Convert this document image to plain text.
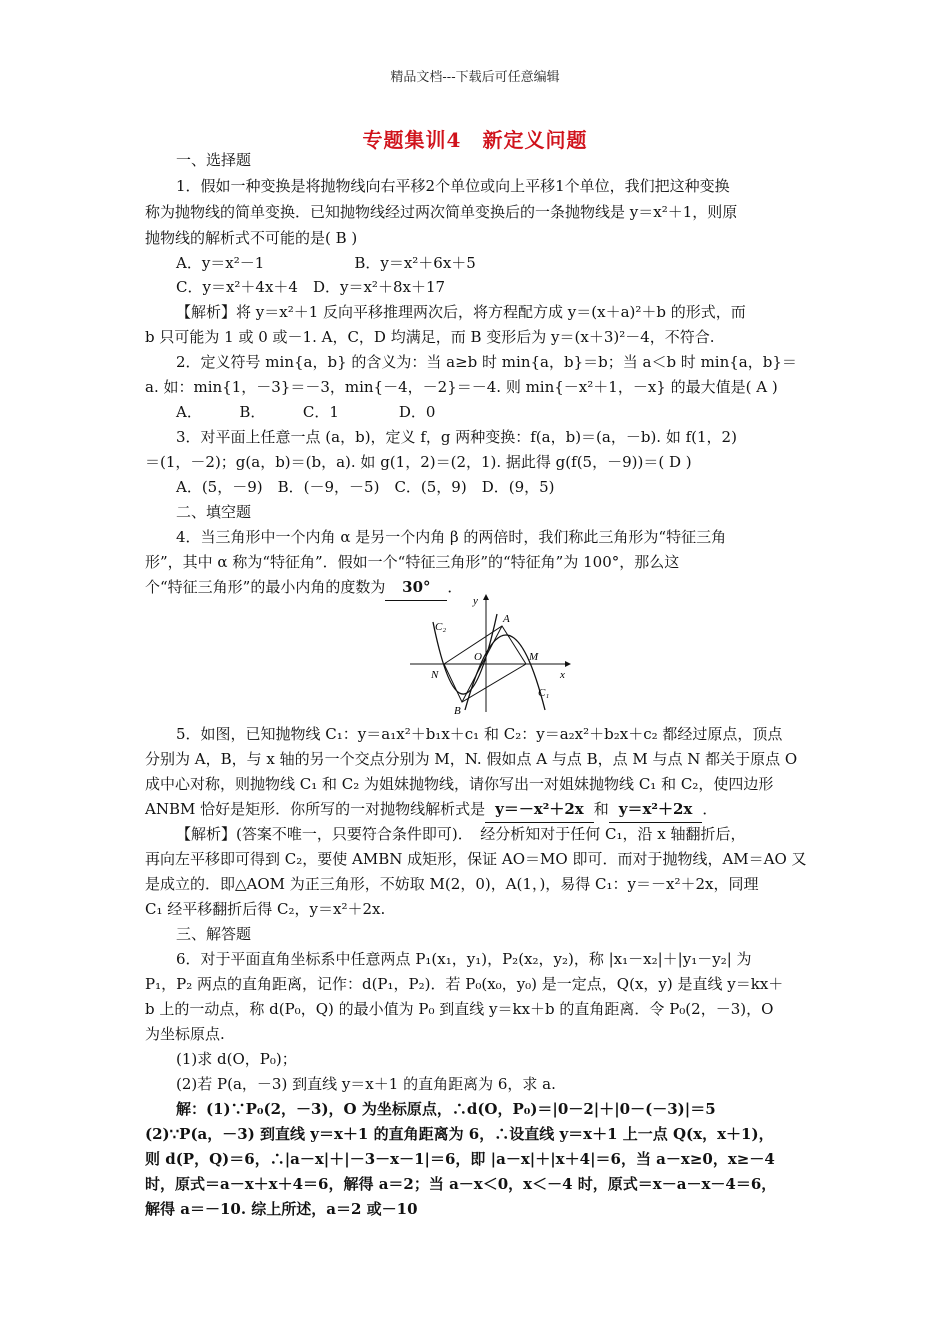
精品文档---下载后可任意编辑
专题集训4　新定义问题
一、选择题
1．假如一种变换是将抛物线向右平移2个单位或向上平移1个单位，我们把这种变换
称为抛物线的简单变换．已知抛物线经过两次简单变换后的一条抛物线是 y＝x²＋1，则原
抛物线的解析式不可能的是( B )
A．y＝x²－1　　　　　　B．y＝x²＋6x＋5
C．y＝x²＋4x＋4　D．y＝x²＋8x＋17
【解析】将 y＝x²＋1 反向平移推理两次后，将方程配方成 y＝(x＋a)²＋b 的形式，而
b 只可能为 1 或 0 或－1. A，C，D 均满足，而 B 变形后为 y＝(x＋3)²－4，不符合.
2．定义符号 min{a，b} 的含义为：当 a≥b 时 min{a，b}＝b；当 a＜b 时 min{a，b}＝
a. 如：min{1，－3}＝－3，min{－4，－2}＝－4. 则 min{－x²＋1，－x} 的最大值是( A )
A．　　　B．　　　C．1　　　　D．0
3．对平面上任意一点 (a，b)，定义 f，g 两种变换：f(a，b)＝(a，－b). 如 f(1，2)
＝(1，－2)；g(a，b)＝(b，a). 如 g(1，2)＝(2，1). 据此得 g(f(5，－9))＝( D )
A．(5，－9)　B．(－9，－5)　C．(5，9)　D．(9，5)
二、填空题
4．当三角形中一个内角 α 是另一个内角 β 的两倍时，我们称此三角形为“特征三角
形”，其中 α 称为“特征角”．假如一个“特征三角形”的“特征角”为 100°，那么这
个“特征三角形”的最小内角的度数为 30° ．
y
x
C₂
C₁
A
B
O	M
N
5．如图，已知抛物线 C₁：y＝a₁x²＋b₁x＋c₁ 和 C₂：y＝a₂x²＋b₂x＋c₂ 都经过原点，顶点
分别为 A，B，与 x 轴的另一个交点分别为 M，N. 假如点 A 与点 B，点 M 与点 N 都关于原点 O
成中心对称，则抛物线 C₁ 和 C₂ 为姐妹抛物线，请你写出一对姐妹抛物线 C₁ 和 C₂，使四边形
ANBM 恰好是矩形．你所写的一对抛物线解析式是 y＝－x²＋2x 和 y＝x²＋2x ．
【解析】(答案不唯一，只要符合条件即可)．　经分析知对于任何 C₁，沿 x 轴翻折后，
再向左平移即可得到 C₂，要使 AMBN 成矩形，保证 AO＝MO 即可．而对于抛物线，AM＝AO 又
是成立的．即△AOM 为正三角形，不妨取 M(2，0)，A(1，)，易得 C₁：y＝－x²＋2x，同理
C₁ 经平移翻折后得 C₂，y＝x²＋2x.
三、解答题
6．对于平面直角坐标系中任意两点 P₁(x₁，y₁)，P₂(x₂，y₂)，称 |x₁－x₂|＋|y₁－y₂| 为
P₁，P₂ 两点的直角距离，记作：d(P₁，P₂)．若 P₀(x₀，y₀) 是一定点，Q(x，y) 是直线 y＝kx＋
b 上的一动点，称 d(P₀，Q) 的最小值为 P₀ 到直线 y＝kx＋b 的直角距离．令 P₀(2，－3)，O
为坐标原点.
(1)求 d(O，P₀)；
(2)若 P(a，－3) 到直线 y＝x＋1 的直角距离为 6，求 a.
解：(1)∵P₀(2，－3)，O 为坐标原点，∴d(O，P₀)＝|0－2|＋|0－(－3)|＝5
(2)∵P(a，－3) 到直线 y＝x＋1 的直角距离为 6，∴设直线 y＝x＋1 上一点 Q(x，x＋1)，
则 d(P，Q)＝6，∴|a－x|＋|－3－x－1|＝6，即 |a－x|＋|x＋4|＝6，当 a－x≥0，x≥－4
时，原式＝a－x＋x＋4＝6，解得 a＝2；当 a－x＜0，x＜－4 时，原式＝x－a－x－4＝6，
解得 a＝－10. 综上所述，a＝2 或－10
